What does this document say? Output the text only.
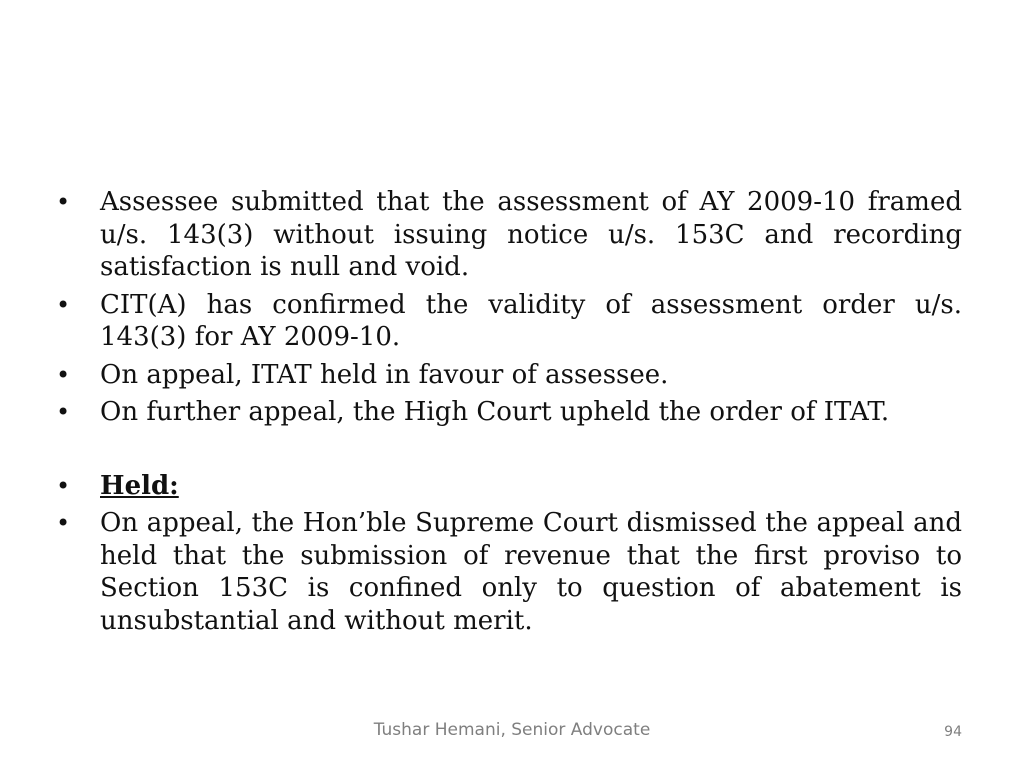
• Assessee submitted that the assessment of AY 2009-10 framed u/s. 143(3) without issuing notice u/s. 153C and recording satisfaction is null and void.
• CIT(A) has confirmed the validity of assessment order u/s. 143(3) for AY 2009-10.
• On appeal, ITAT held in favour of assessee.
• On further appeal, the High Court upheld the order of ITAT.
• Held:
• On appeal, the Hon’ble Supreme Court dismissed the appeal and held that the submission of revenue that the first proviso to Section 153C is confined only to question of abatement is unsubstantial and without merit.
Tushar Hemani, Senior Advocate	94
